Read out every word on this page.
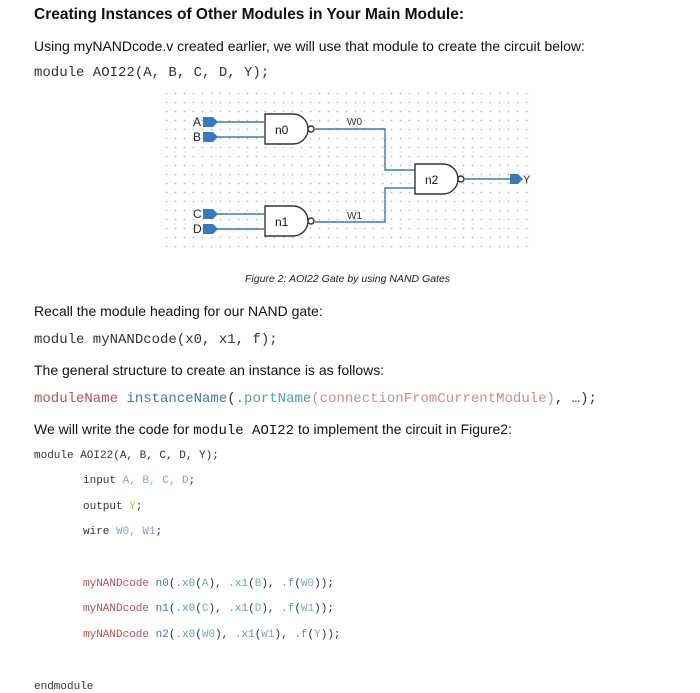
Creating Instances of Other Modules in Your Main Module:
Using myNANDcode.v created earlier, we will use that module to create the circuit below:
module AOI22(A, B, C, D, Y);
A
B
C
D
n0
n1
n2
W0
W1
Y
Figure 2: AOI22 Gate by using NAND Gates
Recall the module heading for our NAND gate:
module myNANDcode(x0, x1, f);
The general structure to create an instance is as follows:
moduleName instanceName(.portName(connectionFromCurrentModule), …);
We will write the code for module AOI22 to implement the circuit in Figure2:
module AOI22(A, B, C, D, Y);
input A, B, C, D;
output Y;
wire W0, W1;
myNANDcode n0(.x0(A), .x1(B), .f(W0));
myNANDcode n1(.x0(C), .x1(D), .f(W1));
myNANDcode n2(.x0(W0), .x1(W1), .f(Y));
endmodule
